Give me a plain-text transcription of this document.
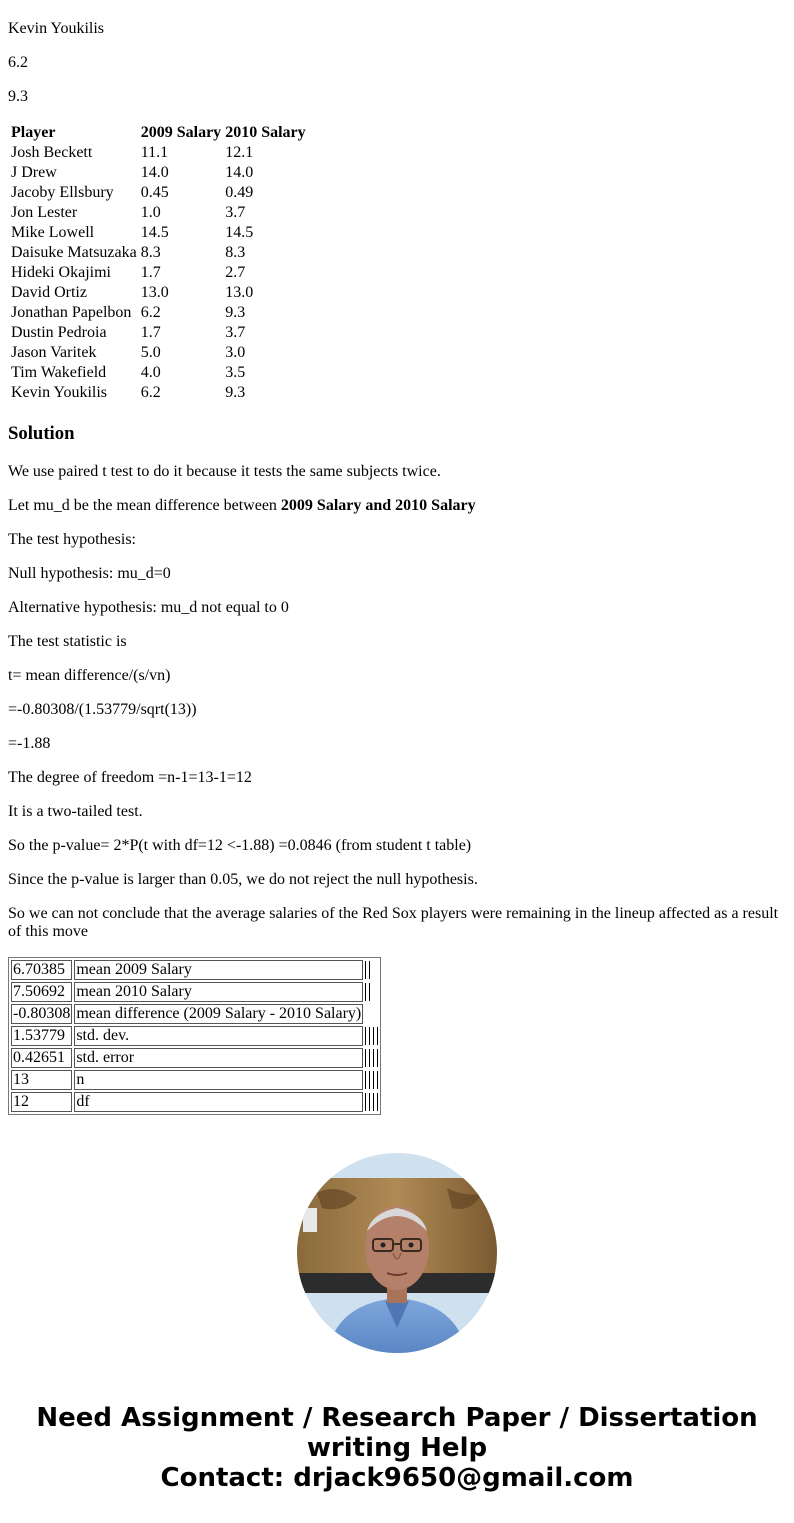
Kevin Youkilis

6.2

9.3

Player	2009 Salary	2010 Salary
Josh Beckett	11.1	12.1
J Drew	14.0	14.0
Jacoby Ellsbury	0.45	0.49
Jon Lester	1.0	3.7
Mike Lowell	14.5	14.5
Daisuke Matsuzaka	8.3	8.3
Hideki Okajimi	1.7	2.7
David Ortiz	13.0	13.0
Jonathan Papelbon	6.2	9.3
Dustin Pedroia	1.7	3.7
Jason Varitek	5.0	3.0
Tim Wakefield	4.0	3.5
Kevin Youkilis	6.2	9.3
Solution

We use paired t test to do it because it tests the same subjects twice.

Let mu_d be the mean difference between 2009 Salary and 2010 Salary

The test hypothesis:

Null hypothesis: mu_d=0

Alternative hypothesis: mu_d not equal to 0

The test statistic is

t= mean difference/(s/vn)

=-0.80308/(1.53779/sqrt(13))

=-1.88

The degree of freedom =n-1=13-1=12

It is a two-tailed test.

So the p-value= 2*P(t with df=12 <-1.88) =0.0846 (from student t table)

Since the p-value is larger than 0.05, we do not reject the null hypothesis.

So we can not conclude that the average salaries of the Red Sox players were remaining in the lineup affected as a result of this move

6.70385	mean 2009 Salary	

7.50692	mean 2010 Salary	

-0.80308	mean difference (2009 Salary - 2010 Salary)	
1.53779	std. dev.	

0.42651	std. error	

13	n	

12	df	
Need Assignment / Research Paper / Dissertation
writing Help
Contact: drjack9650@gmail.com
